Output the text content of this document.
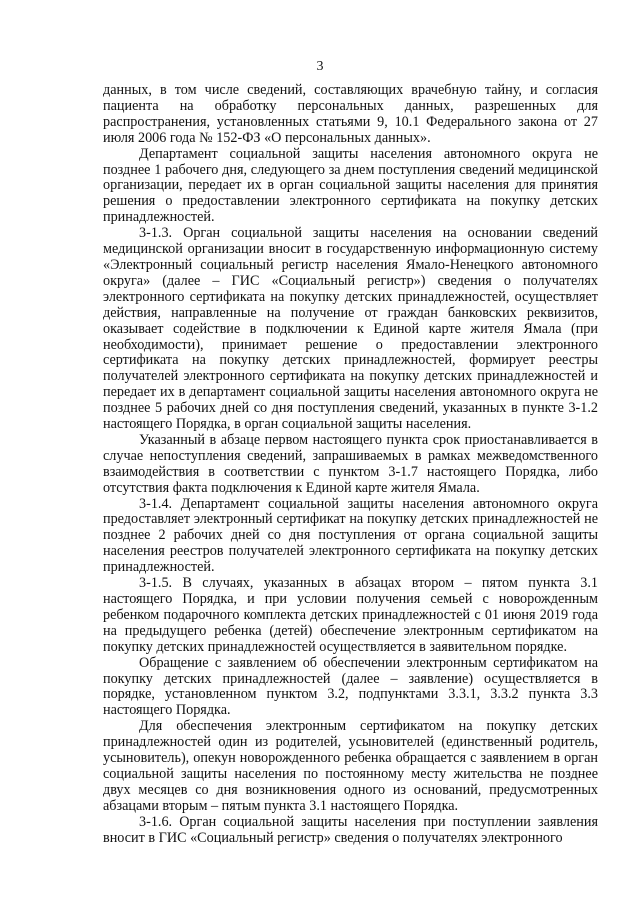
3

данных, в том числе сведений, составляющих врачебную тайну, и согласия пациента на обработку персональных данных, разрешенных для распространения, установленных статьями 9, 10.1 Федерального закона от 27 июля 2006 года № 152-ФЗ «О персональных данных».

Департамент социальной защиты населения автономного округа не позднее 1 рабочего дня, следующего за днем поступления сведений медицинской организации, передает их в орган социальной защиты населения для принятия решения о предоставлении электронного сертификата на покупку детских принадлежностей.

3-1.3. Орган социальной защиты населения на основании сведений медицинской организации вносит в государственную информационную систему «Электронный социальный регистр населения Ямало-Ненецкого автономного округа» (далее – ГИС «Социальный регистр») сведения о получателях электронного сертификата на покупку детских принадлежностей, осуществляет действия, направленные на получение от граждан банковских реквизитов, оказывает содействие в подключении к Единой карте жителя Ямала (при необходимости), принимает решение о предоставлении электронного сертификата на покупку детских принадлежностей, формирует реестры получателей электронного сертификата на покупку детских принадлежностей и передает их в департамент социальной защиты населения автономного округа не позднее 5 рабочих дней со дня поступления сведений, указанных в пункте 3-1.2 настоящего Порядка, в орган социальной защиты населения.

Указанный в абзаце первом настоящего пункта срок приостанавливается в случае непоступления сведений, запрашиваемых в рамках межведомственного взаимодействия в соответствии с пунктом 3-1.7 настоящего Порядка, либо отсутствия факта подключения к Единой карте жителя Ямала.

3-1.4. Департамент социальной защиты населения автономного округа предоставляет электронный сертификат на покупку детских принадлежностей не позднее 2 рабочих дней со дня поступления от органа социальной защиты населения реестров получателей электронного сертификата на покупку детских принадлежностей.

3-1.5. В случаях, указанных в абзацах втором – пятом пункта 3.1 настоящего Порядка, и при условии получения семьей с новорожденным ребенком подарочного комплекта детских принадлежностей с 01 июня 2019 года на предыдущего ребенка (детей) обеспечение электронным сертификатом на покупку детских принадлежностей осуществляется в заявительном порядке.

Обращение с заявлением об обеспечении электронным сертификатом на покупку детских принадлежностей (далее – заявление) осуществляется в порядке, установленном пунктом 3.2, подпунктами 3.3.1, 3.3.2 пункта 3.3 настоящего Порядка.

Для обеспечения электронным сертификатом на покупку детских принадлежностей один из родителей, усыновителей (единственный родитель, усыновитель), опекун новорожденного ребенка обращается с заявлением в орган социальной защиты населения по постоянному месту жительства не позднее двух месяцев со дня возникновения одного из оснований, предусмотренных абзацами вторым – пятым пункта 3.1 настоящего Порядка.

3-1.6. Орган социальной защиты населения при поступлении заявления вносит в ГИС «Социальный регистр» сведения о получателях электронного
